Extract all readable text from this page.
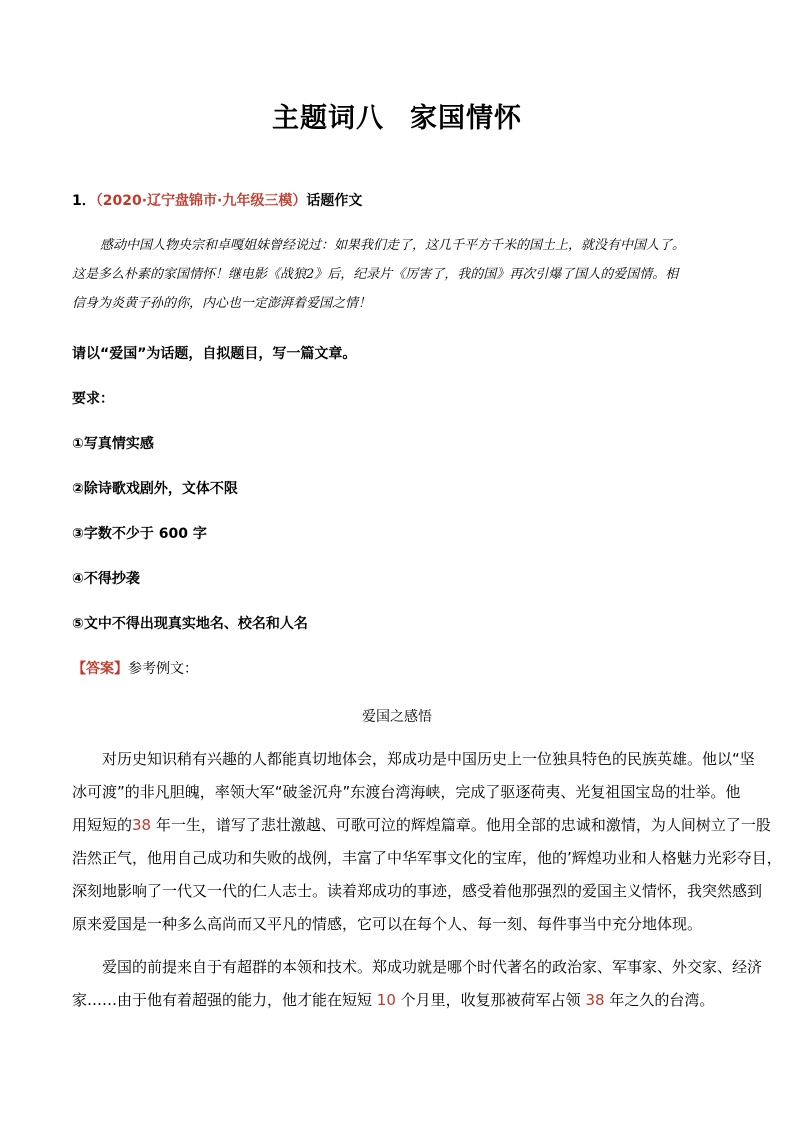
主题词八 家国情怀
1．（2020·辽宁盘锦市·九年级三模）话题作文
感动中国人物央宗和卓嘎姐妹曾经说过：如果我们走了，这几千平方千米的国土上，就没有中国人了。
这是多么朴素的家国情怀！继电影《战狼2》后，纪录片《厉害了，我的国》再次引爆了国人的爱国情。相
信身为炎黄子孙的你，内心也一定澎湃着爱国之情！
请以“爱国”为话题，自拟题目，写一篇文章。
要求：
①写真情实感
②除诗歌戏剧外，文体不限
③字数不少于 600 字
④不得抄袭
⑤文中不得出现真实地名、校名和人名
【答案】参考例文：
爱国之感悟
对历史知识稍有兴趣的人都能真切地体会，郑成功是中国历史上一位独具特色的民族英雄。他以“坚
冰可渡”的非凡胆魄，率领大军“破釜沉舟”东渡台湾海峡，完成了驱逐荷夷、光复祖国宝岛的壮举。他
用短短的38 年一生，谱写了悲壮激越、可歌可泣的辉煌篇章。他用全部的忠诚和激情，为人间树立了一股
浩然正气，他用自己成功和失败的战例，丰富了中华军事文化的宝库，他的’辉煌功业和人格魅力光彩夺目，
深刻地影响了一代又一代的仁人志士。读着郑成功的事迹，感受着他那强烈的爱国主义情怀，我突然感到
原来爱国是一种多么高尚而又平凡的情感，它可以在每个人、每一刻、每件事当中充分地体现。
爱国的前提来自于有超群的本领和技术。郑成功就是哪个时代著名的政治家、军事家、外交家、经济
家……由于他有着超强的能力，他才能在短短 10 个月里，收复那被荷军占领 38 年之久的台湾。
